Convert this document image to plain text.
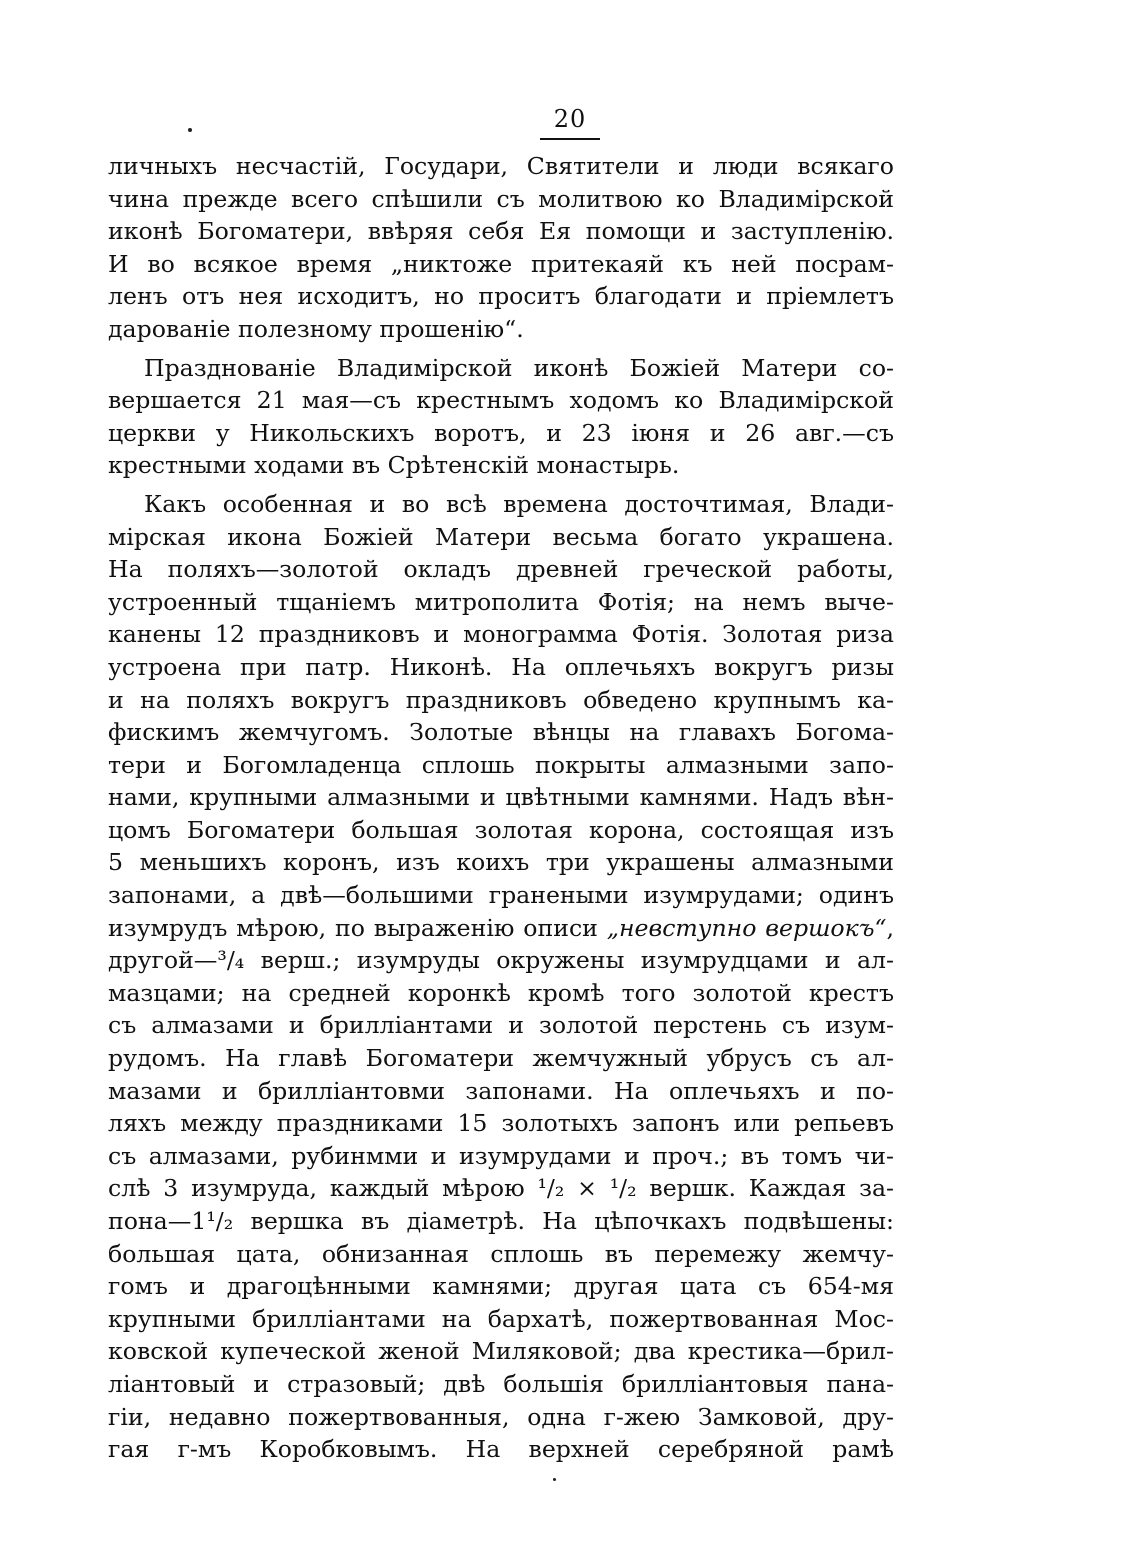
20
личныхъ несчастій, Государи, Святители и люди всякаго
чина прежде всего спѣшили съ молитвою ко Владимірской
иконѣ Богоматери, ввѣряя себя Ея помощи и заступленію.
И во всякое время „никтоже притекаяй къ ней посрам-
ленъ отъ нея исходитъ, но проситъ благодати и пріемлетъ
дарованіе полезному прошенію“.
Празднованіе Владимірской иконѣ Божіей Матери со-
вершается 21 мая—съ крестнымъ ходомъ ко Владимірской
церкви у Никольскихъ воротъ, и 23 іюня и 26 авг.—съ
крестными ходами въ Срѣтенскій монастырь.
Какъ особенная и во всѣ времена досточтимая, Влади-
мірская икона Божіей Матери весьма богато украшена.
На поляхъ—золотой окладъ древней греческой работы,
устроенный тщаніемъ митрополита Фотія; на немъ выче-
канены 12 праздниковъ и монограмма Фотія. Золотая риза
устроена при патр. Никонѣ. На оплечьяхъ вокругъ ризы
и на поляхъ вокругъ праздниковъ обведено крупнымъ ка-
фискимъ жемчугомъ. Золотые вѣнцы на главахъ Богома-
тери и Богомладенца сплошь покрыты алмазными запо-
нами, крупными алмазными и цвѣтными камнями. Надъ вѣн-
цомъ Богоматери большая золотая корона, состоящая изъ
5 меньшихъ коронъ, изъ коихъ три украшены алмазными
запонами, а двѣ—большими гранеными изумрудами; одинъ
изумрудъ мѣрою, по выраженію описи „невступно вершокъ“,
другой—³/₄ верш.; изумруды окружены изумрудцами и ал-
мазцами; на средней коронкѣ кромѣ того золотой крестъ
съ алмазами и бриллiантами и золотой перстень съ изум-
рудомъ. На главѣ Богоматери жемчужный убрусъ съ ал-
мазами и бриллiантовми запонами. На оплечьяхъ и по-
ляхъ между праздниками 15 золотыхъ запонъ или репьевъ
съ алмазами, рубинмми и изумрудами и проч.; въ томъ чи-
слѣ 3 изумруда, каждый мѣрою ¹/₂ × ¹/₂ вершк. Каждая за-
пона—1¹/₂ вершка въ діаметрѣ. На цѣпочкахъ подвѣшены:
большая цата, обнизанная сплошь въ перемежу жемчу-
гомъ и драгоцѣнными камнями; другая цата съ 654-мя
крупными бриллiантами на бархатѣ, пожертвованная Мос-
ковской купеческой женой Миляковой; два крестика—брил-
лiантовый и стразовый; двѣ большія бриллiантовыя пана-
гіи, недавно пожертвованныя, одна г-жею Замковой, дру-
гая г-мъ Коробковымъ. На верхней серебряной рамѣ
